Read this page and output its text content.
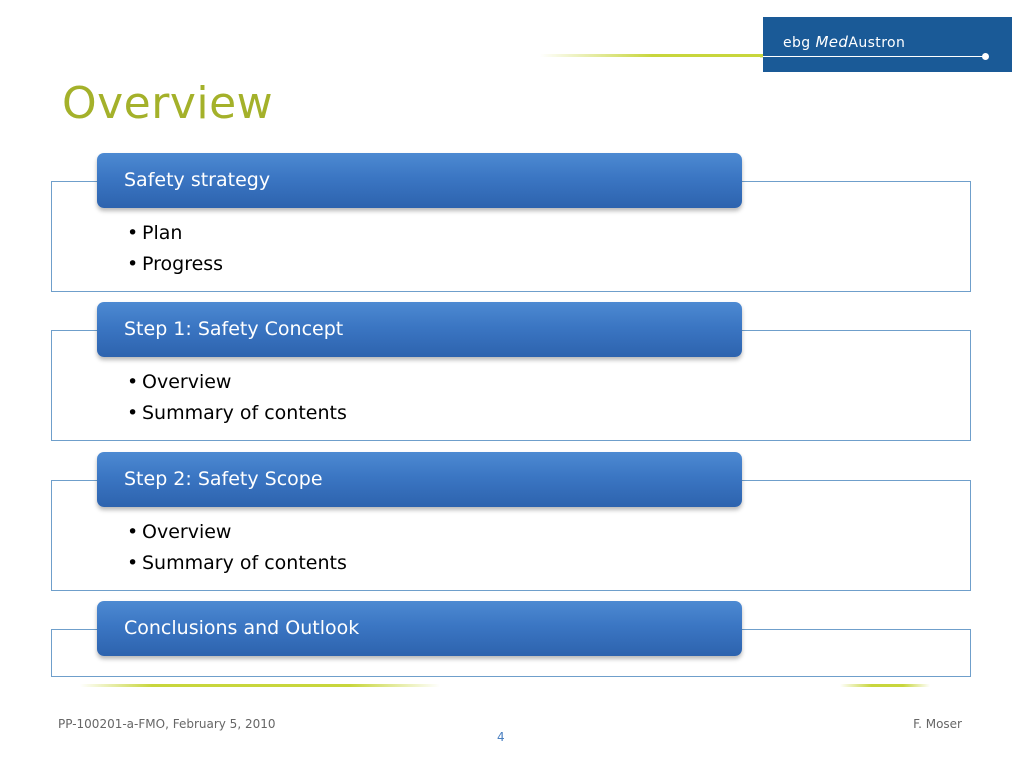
ebg MedAustron
Overview
Safety strategy
• Plan
• Progress
Step 1: Safety Concept
• Overview
• Summary of contents
Step 2: Safety Scope
• Overview
• Summary of contents
Conclusions and Outlook
PP-100201-a-FMO, February 5, 2010	F. Moser
4
